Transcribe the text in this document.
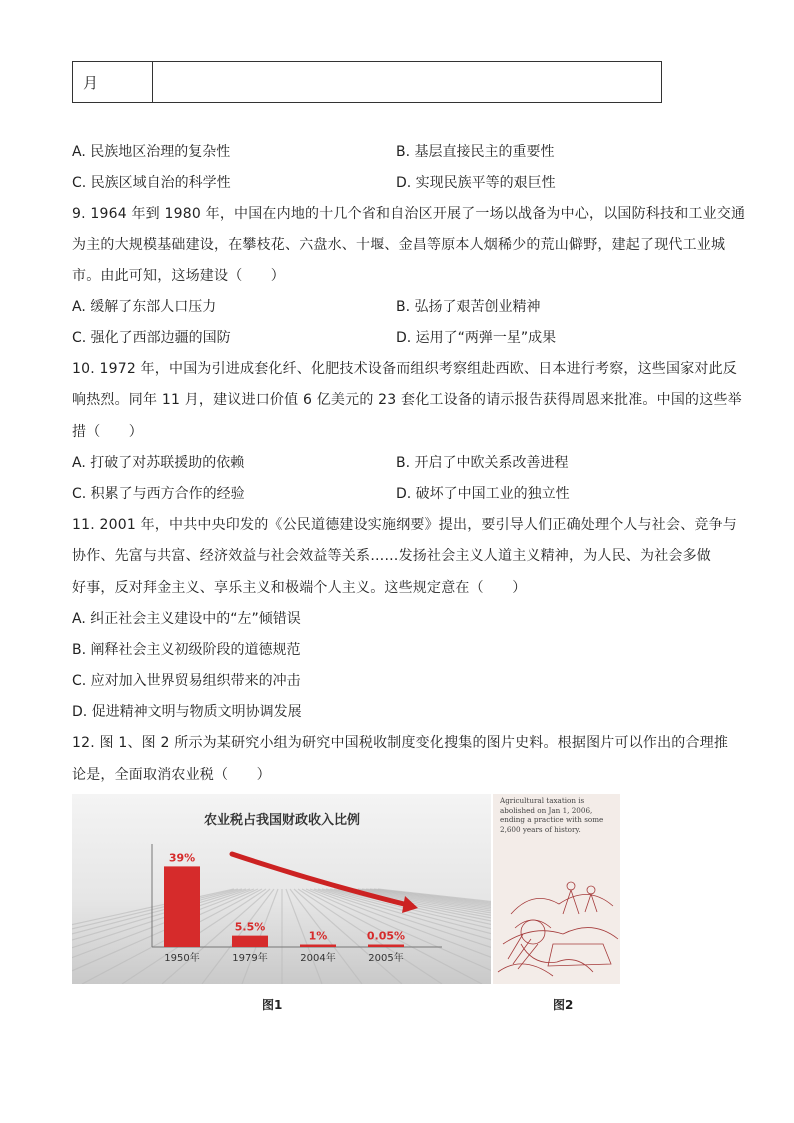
月
A. 民族地区治理的复杂性	B. 基层直接民主的重要性
C. 民族区域自治的科学性	D. 实现民族平等的艰巨性
9. 1964 年到 1980 年，中国在内地的十几个省和自治区开展了一场以战备为中心，以国防科技和工业交通
为主的大规模基础建设，在攀枝花、六盘水、十堰、金昌等原本人烟稀少的荒山僻野，建起了现代工业城
市。由此可知，这场建设（　　）
A. 缓解了东部人口压力	B. 弘扬了艰苦创业精神
C. 强化了西部边疆的国防	D. 运用了“两弹一星”成果
10. 1972 年，中国为引进成套化纤、化肥技术设备而组织考察组赴西欧、日本进行考察，这些国家对此反
响热烈。同年 11 月，建议进口价值 6 亿美元的 23 套化工设备的请示报告获得周恩来批准。中国的这些举
措（　　）
A. 打破了对苏联援助的依赖	B. 开启了中欧关系改善进程
C. 积累了与西方合作的经验	D. 破坏了中国工业的独立性
11. 2001 年，中共中央印发的《公民道德建设实施纲要》提出，要引导人们正确处理个人与社会、竞争与
协作、先富与共富、经济效益与社会效益等关系……发扬社会主义人道主义精神，为人民、为社会多做
好事，反对拜金主义、享乐主义和极端个人主义。这些规定意在（　　）
A. 纠正社会主义建设中的“左”倾错误
B. 阐释社会主义初级阶段的道德规范
C. 应对加入世界贸易组织带来的冲击
D. 促进精神文明与物质文明协调发展
12. 图 1、图 2 所示为某研究小组为研究中国税收制度变化搜集的图片史料。根据图片可以作出的合理推
论是，全面取消农业税（　　）
农业税占我国财政收入比例
39%
1950年
5.5%
1979年
1%
2004年
0.05%
2005年
Agricultural taxation is abolished on Jan 1, 2006, ending a practice with some 2,600 years of history.
图1	图2
